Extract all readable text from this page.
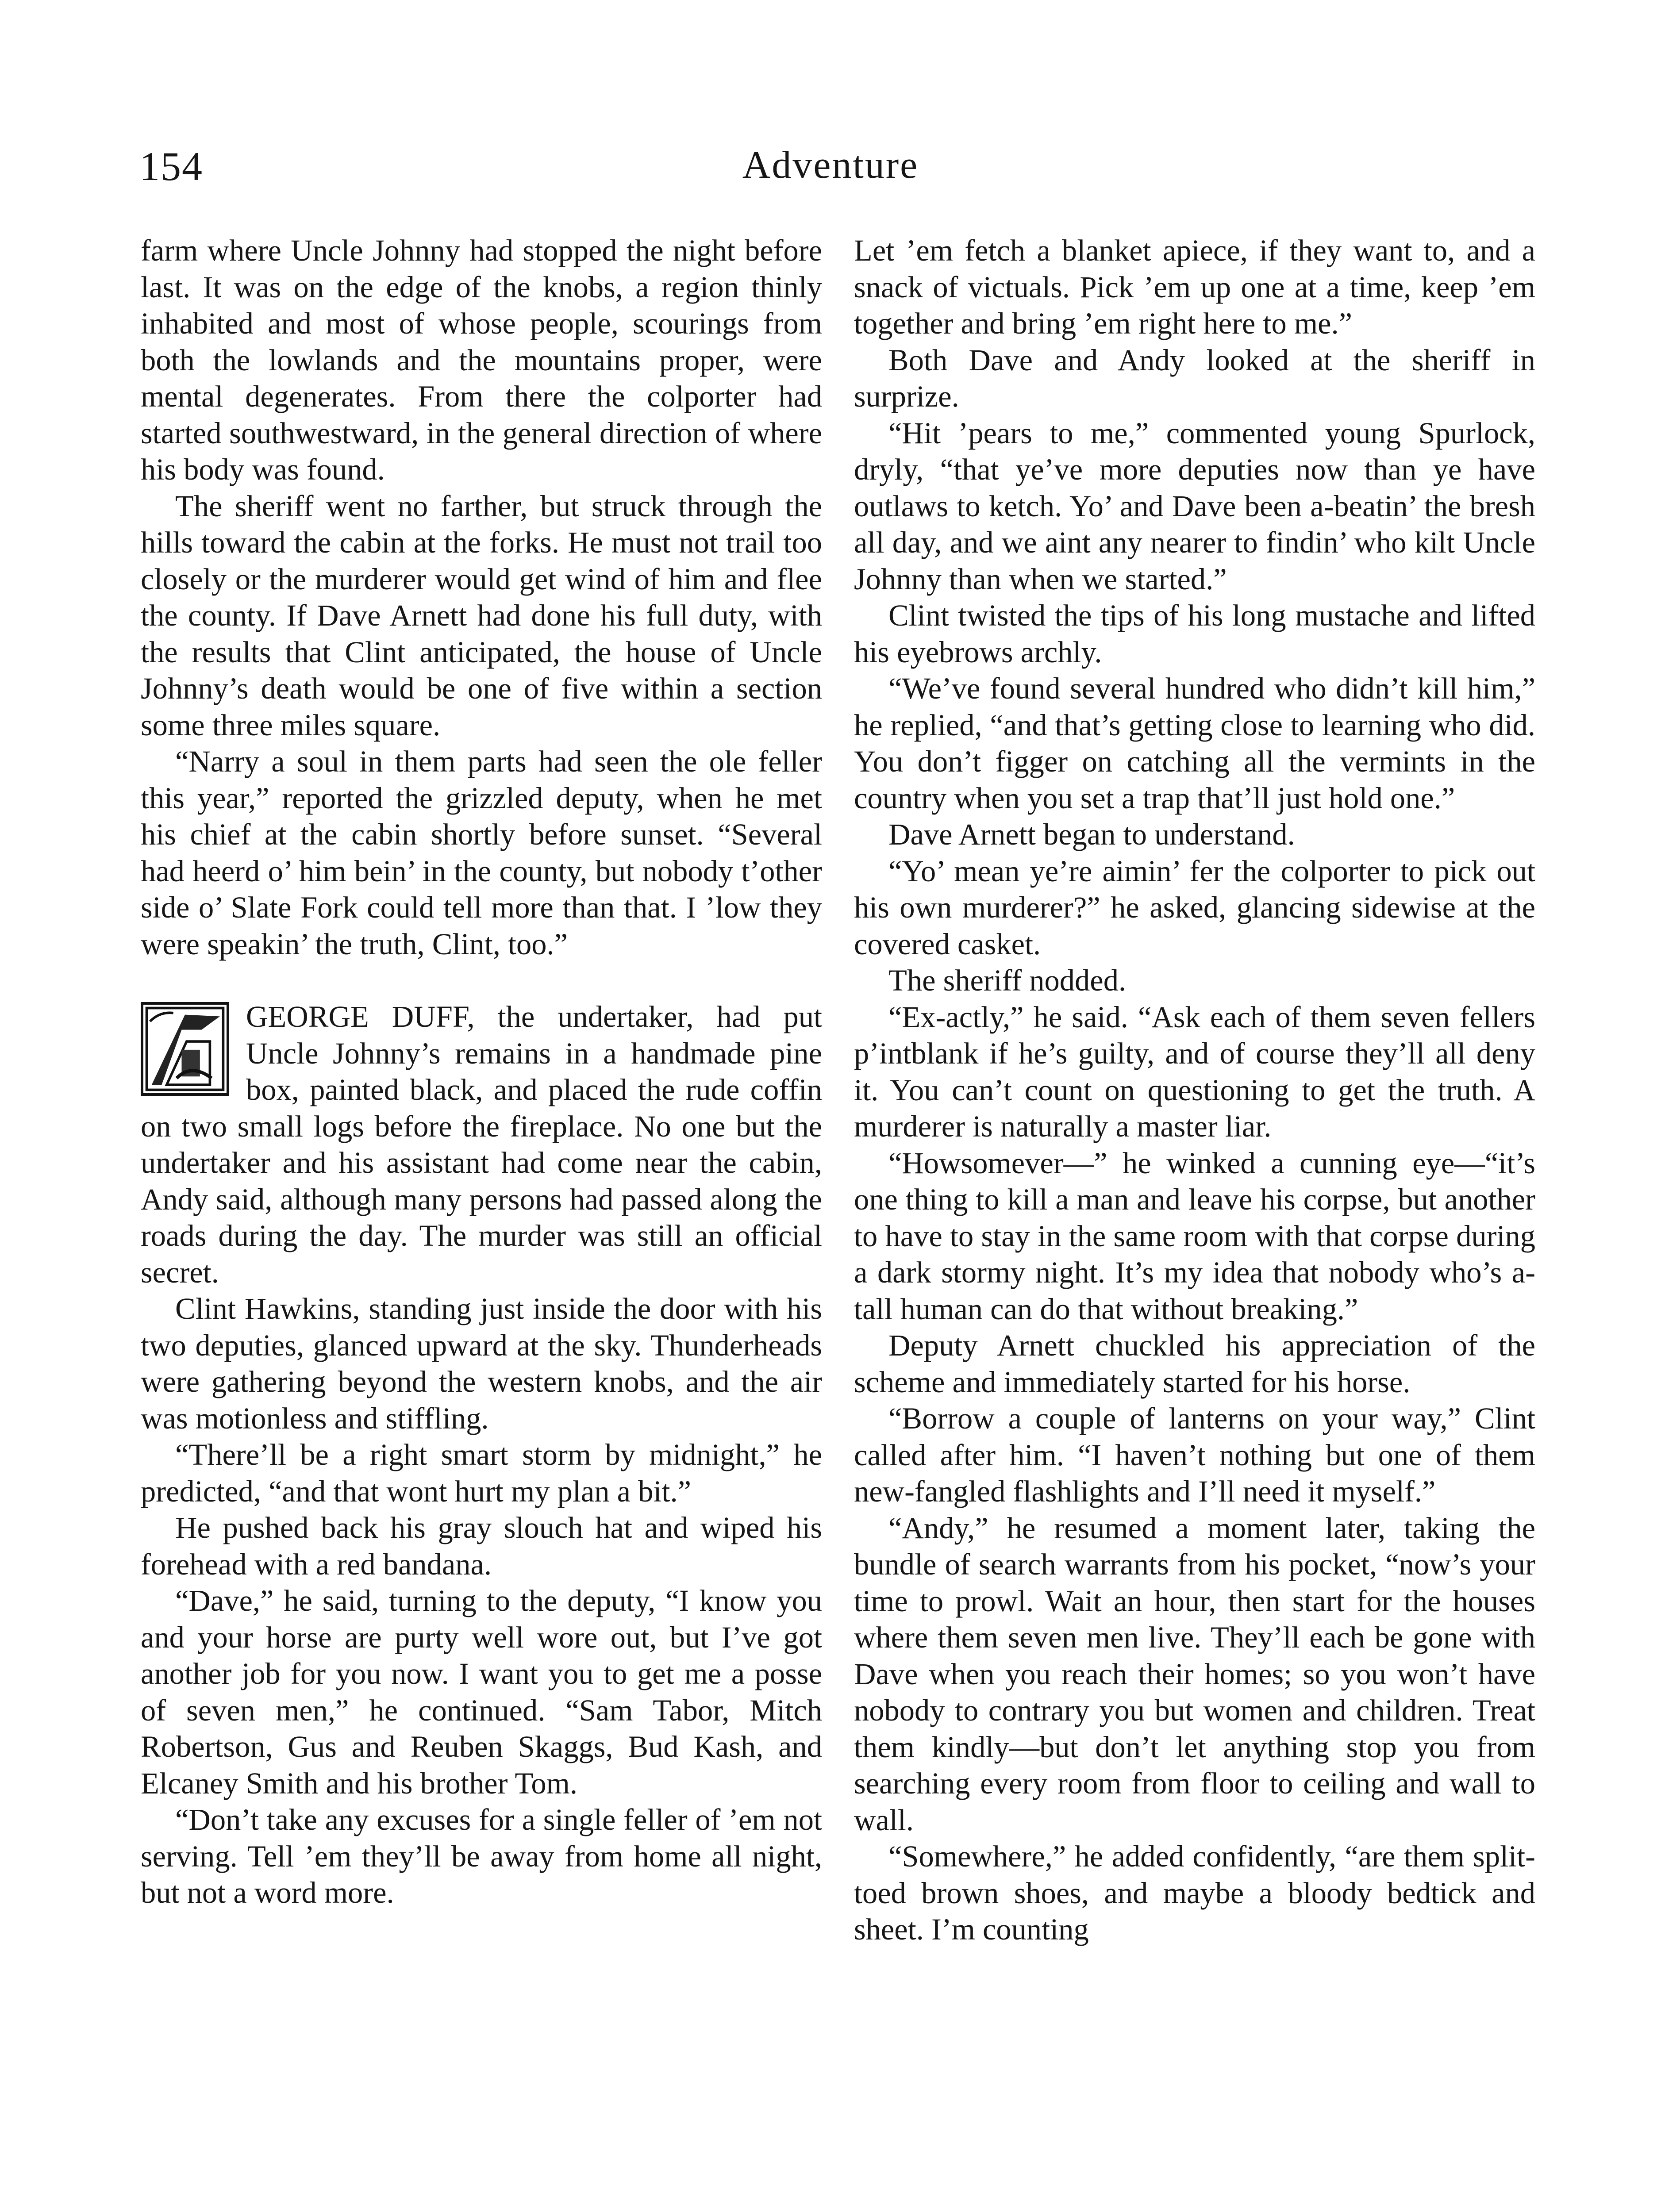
154	Adventure

farm where Uncle Johnny had stopped the night before last. It was on the edge of the knobs, a region thinly inhabited and most of whose people, scourings from both the lowlands and the mountains proper, were mental degenerates. From there the colporter had started southwestward, in the general direction of where his body was found.

The sheriff went no farther, but struck through the hills toward the cabin at the forks. He must not trail too closely or the murderer would get wind of him and flee the county. If Dave Arnett had done his full duty, with the results that Clint anticipated, the house of Uncle Johnny’s death would be one of five within a section some three miles square.

“Narry a soul in them parts had seen the ole feller this year,” reported the grizzled deputy, when he met his chief at the cabin shortly before sunset. “Several had heerd o’ him bein’ in the county, but nobody t’other side o’ Slate Fork could tell more than that. I ’low they were speakin’ the truth, Clint, too.”

GEORGE DUFF, the undertaker, had put Uncle Johnny’s remains in a handmade pine box, painted black, and placed the rude coffin on two small logs before the fireplace. No one but the undertaker and his assistant had come near the cabin, Andy said, although many persons had passed along the roads during the day. The murder was still an official secret.

Clint Hawkins, standing just inside the door with his two deputies, glanced upward at the sky. Thunderheads were gathering beyond the western knobs, and the air was motionless and stiffling.

“There’ll be a right smart storm by midnight,” he predicted, “and that wont hurt my plan a bit.”

He pushed back his gray slouch hat and wiped his forehead with a red bandana.

“Dave,” he said, turning to the deputy, “I know you and your horse are purty well wore out, but I’ve got another job for you now. I want you to get me a posse of seven men,” he continued. “Sam Tabor, Mitch Robertson, Gus and Reuben Skaggs, Bud Kash, and Elcaney Smith and his brother Tom.

“Don’t take any excuses for a single feller of ’em not serving. Tell ’em they’ll be away from home all night, but not a word more.

Let ’em fetch a blanket apiece, if they want to, and a snack of victuals. Pick ’em up one at a time, keep ’em together and bring ’em right here to me.”

Both Dave and Andy looked at the sheriff in surprize.

“Hit ’pears to me,” commented young Spurlock, dryly, “that ye’ve more deputies now than ye have outlaws to ketch. Yo’ and Dave been a-beatin’ the bresh all day, and we aint any nearer to findin’ who kilt Uncle Johnny than when we started.”

Clint twisted the tips of his long mustache and lifted his eyebrows archly.

“We’ve found several hundred who didn’t kill him,” he replied, “and that’s getting close to learning who did. You don’t figger on catching all the vermints in the country when you set a trap that’ll just hold one.”

Dave Arnett began to understand.

“Yo’ mean ye’re aimin’ fer the colporter to pick out his own murderer?” he asked, glancing sidewise at the covered casket.

The sheriff nodded.

“Ex-actly,” he said. “Ask each of them seven fellers p’intblank if he’s guilty, and of course they’ll all deny it. You can’t count on questioning to get the truth. A murderer is naturally a master liar.

“Howsomever—” he winked a cunning eye—“it’s one thing to kill a man and leave his corpse, but another to have to stay in the same room with that corpse during a dark stormy night. It’s my idea that nobody who’s a-tall human can do that without breaking.”

Deputy Arnett chuckled his appreciation of the scheme and immediately started for his horse.

“Borrow a couple of lanterns on your way,” Clint called after him. “I haven’t nothing but one of them new-fangled flashlights and I’ll need it myself.”

“Andy,” he resumed a moment later, taking the bundle of search warrants from his pocket, “now’s your time to prowl. Wait an hour, then start for the houses where them seven men live. They’ll each be gone with Dave when you reach their homes; so you won’t have nobody to contrary you but women and children. Treat them kindly—but don’t let anything stop you from searching every room from floor to ceiling and wall to wall.

“Somewhere,” he added confidently, “are them split-toed brown shoes, and maybe a bloody bedtick and sheet. I’m counting
